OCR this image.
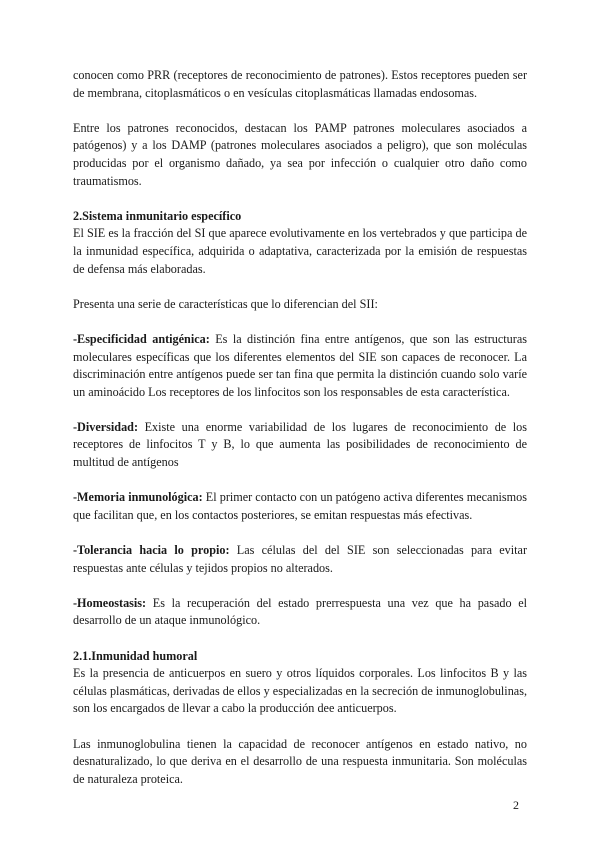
conocen como PRR (receptores de reconocimiento de patrones). Estos receptores pueden ser de membrana, citoplasmáticos o en vesículas citoplasmáticas llamadas endosomas.

Entre los patrones reconocidos, destacan los PAMP patrones moleculares asociados a patógenos) y a los DAMP (patrones moleculares asociados a peligro), que son moléculas producidas por el organismo dañado, ya sea por infección o cualquier otro daño como traumatismos.

2.Sistema inmunitario específico

El SIE es la fracción del SI que aparece evolutivamente en los vertebrados y que participa de la inmunidad específica, adquirida o adaptativa, caracterizada por la emisión de respuestas de defensa más elaboradas.

Presenta una serie de características que lo diferencian del SII:

-Especificidad antigénica: Es la distinción fina entre antígenos, que son las estructuras moleculares específicas que los diferentes elementos del SIE son capaces de reconocer. La discriminación entre antígenos puede ser tan fina que permita la distinción cuando solo varíe un aminoácido Los receptores de los linfocitos son los responsables de esta característica.

-Diversidad: Existe una enorme variabilidad de los lugares de reconocimiento de los receptores de linfocitos T y B, lo que aumenta las posibilidades de reconocimiento de multitud de antígenos

-Memoria inmunológica: El primer contacto con un patógeno activa diferentes mecanismos que facilitan que, en los contactos posteriores, se emitan respuestas más efectivas.

-Tolerancia hacia lo propio: Las células del del SIE son seleccionadas para evitar respuestas ante células y tejidos propios no alterados.

-Homeostasis: Es la recuperación del estado prerrespuesta una vez que ha pasado el desarrollo de un ataque inmunológico.

2.1.Inmunidad humoral

Es la presencia de anticuerpos en suero y otros líquidos corporales. Los linfocitos B y las células plasmáticas, derivadas de ellos y especializadas en la secreción de inmunoglobulinas, son los encargados de llevar a cabo la producción dee anticuerpos.

Las inmunoglobulina tienen la capacidad de reconocer antígenos en estado nativo, no desnaturalizado, lo que deriva en el desarrollo de una respuesta inmunitaria. Son moléculas de naturaleza proteica.

2
